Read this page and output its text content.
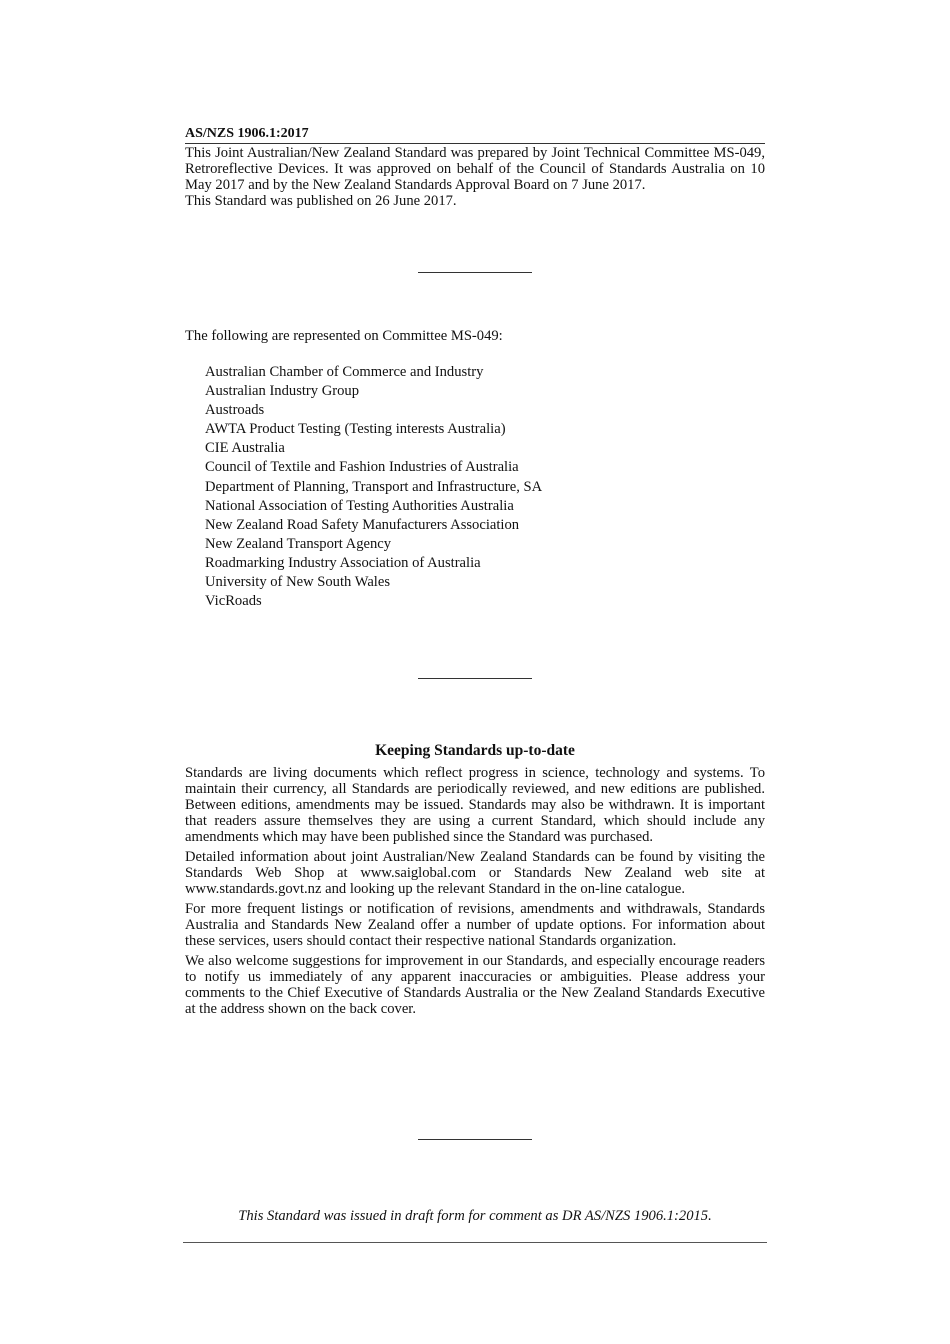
AS/NZS 1906.1:2017

This Joint Australian/New Zealand Standard was prepared by Joint Technical Committee MS-049, Retroreflective Devices. It was approved on behalf of the Council of Standards Australia on 10 May 2017 and by the New Zealand Standards Approval Board on 7 June 2017.

This Standard was published on 26 June 2017.

The following are represented on Committee MS-049:

Australian Chamber of Commerce and Industry
Australian Industry Group
Austroads
AWTA Product Testing (Testing interests Australia)
CIE Australia
Council of Textile and Fashion Industries of Australia
Department of Planning, Transport and Infrastructure, SA
National Association of Testing Authorities Australia
New Zealand Road Safety Manufacturers Association
New Zealand Transport Agency
Roadmarking Industry Association of Australia
University of New South Wales
VicRoads
Keeping Standards up-to-date

Standards are living documents which reflect progress in science, technology and systems. To maintain their currency, all Standards are periodically reviewed, and new editions are published. Between editions, amendments may be issued. Standards may also be withdrawn. It is important that readers assure themselves they are using a current Standard, which should include any amendments which may have been published since the Standard was purchased.

Detailed information about joint Australian/New Zealand Standards can be found by visiting the Standards Web Shop at www.saiglobal.com or Standards New Zealand web site at www.standards.govt.nz and looking up the relevant Standard in the on-line catalogue.

For more frequent listings or notification of revisions, amendments and withdrawals, Standards Australia and Standards New Zealand offer a number of update options. For information about these services, users should contact their respective national Standards organization.

We also welcome suggestions for improvement in our Standards, and especially encourage readers to notify us immediately of any apparent inaccuracies or ambiguities. Please address your comments to the Chief Executive of Standards Australia or the New Zealand Standards Executive at the address shown on the back cover.

This Standard was issued in draft form for comment as DR AS/NZS 1906.1:2015.
